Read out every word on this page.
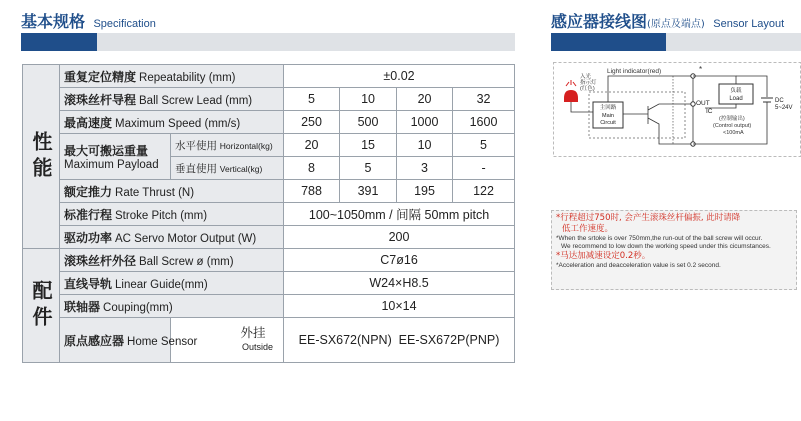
基本规格 Specification	感应器接线图(原点及端点) Sensor Layout
性能	重复定位精度 Repeatability (mm)		±0.02			
	滚珠丝杆导程 Ball Screw Lead (mm)		5	10	20	32
	最高速度 Maximum Speed (mm/s)		250	500	1000	1600

	最大可搬运重量
Maximum Payload	水平使用 Horizontal(kg)	20	15	10	5
		垂直使用 Vertical(kg)	8	5	3	-
	额定推力 Rate Thrust (N)		788	391	195	122
	标准行程 Stroke Pitch (mm)		100~1050mm / 间隔 50mm pitch			
	驱动功率 AC Servo Motor Output (W)		200			
配件	滚珠丝杆外径 Ball Screw ø (mm)		C7ø16			
	直线导轨 Linear Guide(mm)		W24×H8.5			
	联轴器 Couping(mm)		10×14			
	原点感应器 Home Sensor	外挂
Outside	EE-SX672(NPN)  EE-SX672P(PNP)			
入光
指示灯
(红色)
Light indicator(red)
主回路
Main
Circuit
*
负载
Load
OUT
IC
(控制输出)
(Control output)
<100mA
DC
5~24V
*行程超过750时, 会产生滚珠丝杆偏振, 此时请降
低工作速度。
*When the srtoke is over 750mm,the run-out of the ball screw will occur.
We recommend to low down the working speed under this cicumstances.
*马达加减速设定0.2秒。
*Acceleration and deacceleration value is set 0.2 second.
